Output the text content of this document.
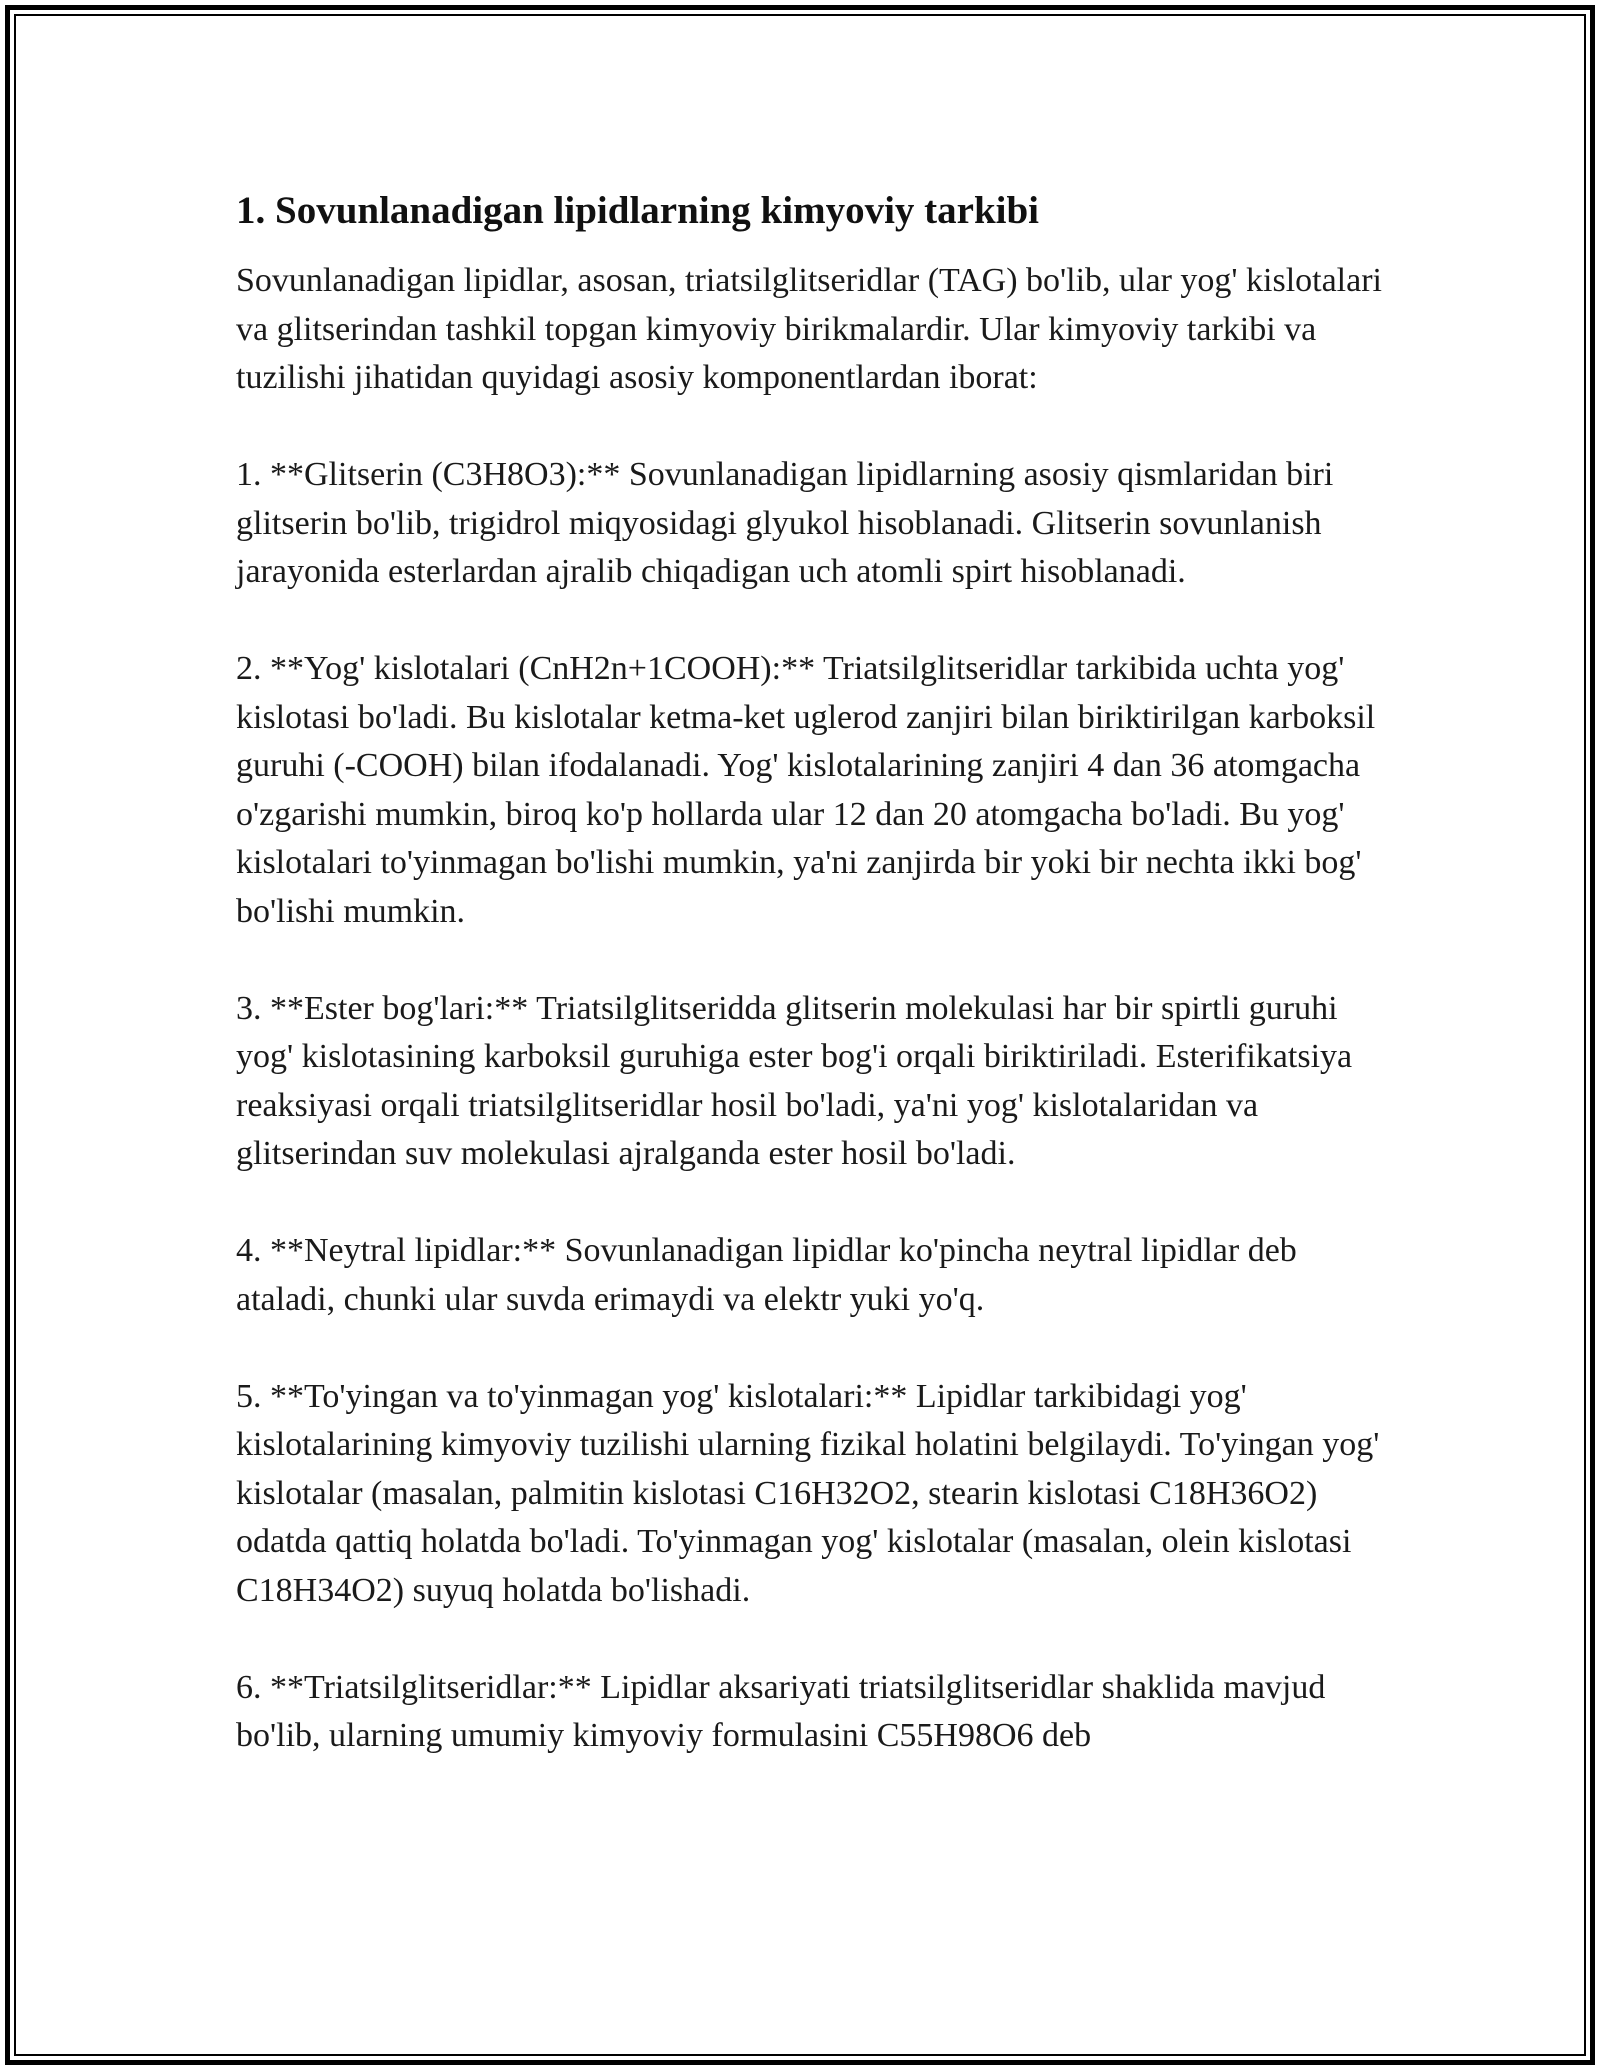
1. Sovunlanadigan lipidlarning kimyoviy tarkibi

Sovunlanadigan lipidlar, asosan, triatsilglitseridlar (TAG) bo'lib, ular yog' kislotalari va glitserindan tashkil topgan kimyoviy birikmalardir. Ular kimyoviy tarkibi va tuzilishi jihatidan quyidagi asosiy komponentlardan iborat:

1. **Glitserin (C3H8O3):** Sovunlanadigan lipidlarning asosiy qismlaridan biri glitserin bo'lib, trigidrol miqyosidagi glyukol hisoblanadi. Glitserin sovunlanish jarayonida esterlardan ajralib chiqadigan uch atomli spirt hisoblanadi.

2. **Yog' kislotalari (CnH2n+1COOH):** Triatsilglitseridlar tarkibida uchta yog' kislotasi bo'ladi. Bu kislotalar ketma-ket uglerod zanjiri bilan biriktirilgan karboksil guruhi (-COOH) bilan ifodalanadi. Yog' kislotalarining zanjiri 4 dan 36 atomgacha o'zgarishi mumkin, biroq ko'p hollarda ular 12 dan 20 atomgacha bo'ladi. Bu yog' kislotalari to'yinmagan bo'lishi mumkin, ya'ni zanjirda bir yoki bir nechta ikki bog' bo'lishi mumkin.

3. **Ester bog'lari:** Triatsilglitseridda glitserin molekulasi har bir spirtli guruhi yog' kislotasining karboksil guruhiga ester bog'i orqali biriktiriladi. Esterifikatsiya reaksiyasi orqali triatsilglitseridlar hosil bo'ladi, ya'ni yog' kislotalaridan va glitserindan suv molekulasi ajralganda ester hosil bo'ladi.

4. **Neytral lipidlar:** Sovunlanadigan lipidlar ko'pincha neytral lipidlar deb ataladi, chunki ular suvda erimaydi va elektr yuki yo'q.

5. **To'yingan va to'yinmagan yog' kislotalari:** Lipidlar tarkibidagi yog' kislotalarining kimyoviy tuzilishi ularning fizikal holatini belgilaydi. To'yingan yog' kislotalar (masalan, palmitin kislotasi C16H32O2, stearin kislotasi C18H36O2) odatda qattiq holatda bo'ladi. To'yinmagan yog' kislotalar (masalan, olein kislotasi C18H34O2) suyuq holatda bo'lishadi.

6. **Triatsilglitseridlar:** Lipidlar aksariyati triatsilglitseridlar shaklida mavjud bo'lib, ularning umumiy kimyoviy formulasini C55H98O6 deb
